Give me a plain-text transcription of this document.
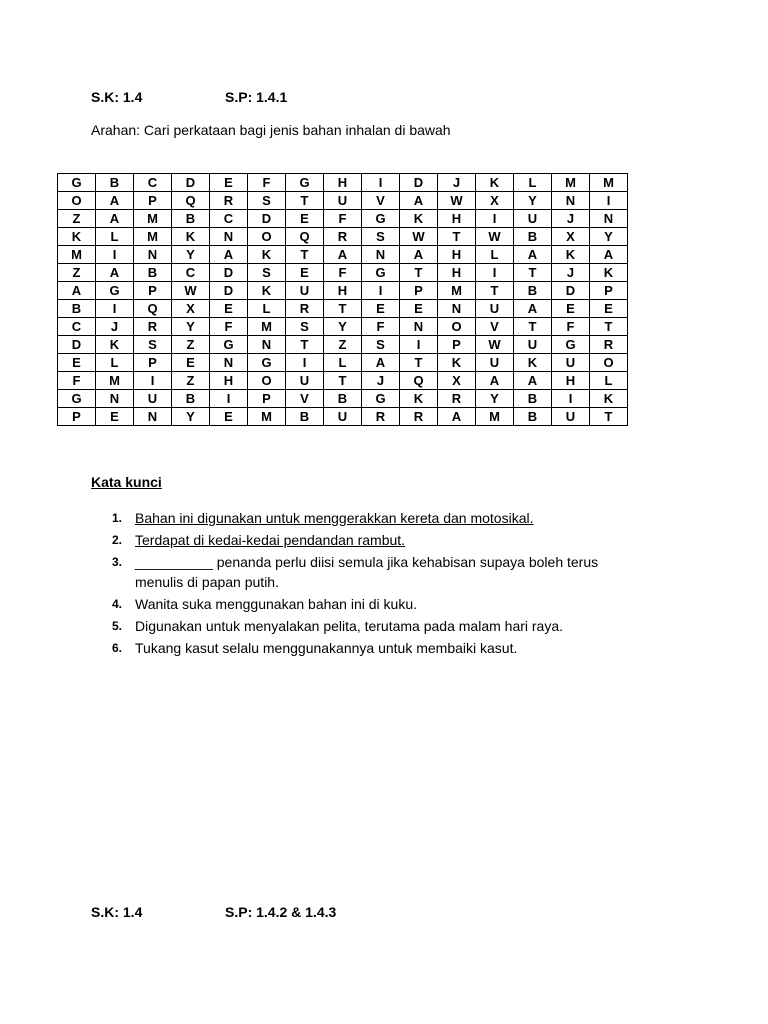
S.K: 1.4	S.P: 1.4.1
Arahan: Cari perkataan bagi jenis bahan inhalan di bawah
G	B	C	D	E	F	G	H	I	D	J	K	L	M	M
O	A	P	Q	R	S	T	U	V	A	W	X	Y	N	I
Z	A	M	B	C	D	E	F	G	K	H	I	U	J	N
K	L	M	K	N	O	Q	R	S	W	T	W	B	X	Y
M	I	N	Y	A	K	T	A	N	A	H	L	A	K	A
Z	A	B	C	D	S	E	F	G	T	H	I	T	J	K
A	G	P	W	D	K	U	H	I	P	M	T	B	D	P
B	I	Q	X	E	L	R	T	E	E	N	U	A	E	E
C	J	R	Y	F	M	S	Y	F	N	O	V	T	F	T
D	K	S	Z	G	N	T	Z	S	I	P	W	U	G	R
E	L	P	E	N	G	I	L	A	T	K	U	K	U	O
F	M	I	Z	H	O	U	T	J	Q	X	A	A	H	L
G	N	U	B	I	P	V	B	G	K	R	Y	B	I	K
P	E	N	Y	E	M	B	U	R	R	A	M	B	U	T
Kata kunci
1. Bahan ini digunakan untuk menggerakkan kereta dan motosikal.
2. Terdapat di kedai-kedai pendandan rambut.
3. __________ penanda perlu diisi semula jika kehabisan supaya boleh terus menulis di papan putih.
4. Wanita suka menggunakan bahan ini di kuku.
5. Digunakan untuk menyalakan pelita, terutama pada malam hari raya.
6. Tukang kasut selalu menggunakannya untuk membaiki kasut.
S.K: 1.4	S.P: 1.4.2 & 1.4.3
